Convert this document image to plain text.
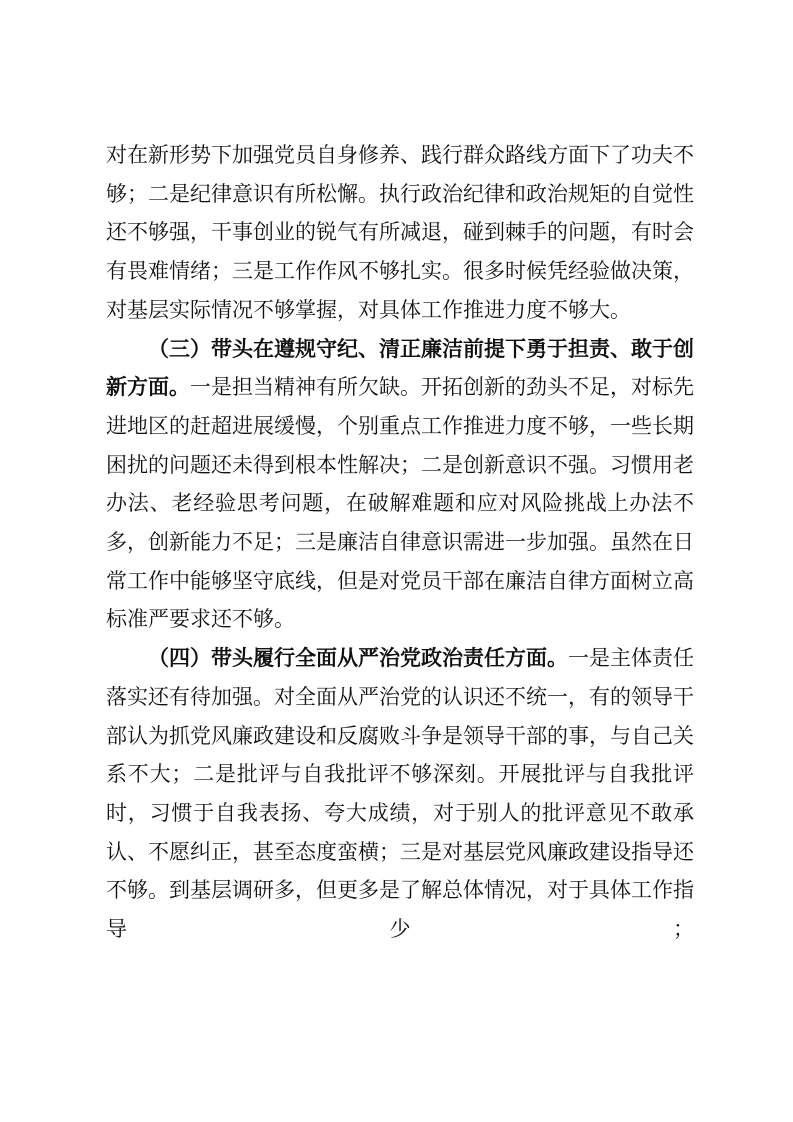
对在新形势下加强党员自身修养、践行群众路线方面下了功夫不够；二是纪律意识有所松懈。执行政治纪律和政治规矩的自觉性还不够强，干事创业的锐气有所减退，碰到棘手的问题，有时会有畏难情绪；三是工作作风不够扎实。很多时候凭经验做决策，对基层实际情况不够掌握，对具体工作推进力度不够大。

（三）带头在遵规守纪、清正廉洁前提下勇于担责、敢于创新方面。一是担当精神有所欠缺。开拓创新的劲头不足，对标先进地区的赶超进展缓慢，个别重点工作推进力度不够，一些长期困扰的问题还未得到根本性解决；二是创新意识不强。习惯用老办法、老经验思考问题，在破解难题和应对风险挑战上办法不多，创新能力不足；三是廉洁自律意识需进一步加强。虽然在日常工作中能够坚守底线，但是对党员干部在廉洁自律方面树立高标准严要求还不够。

（四）带头履行全面从严治党政治责任方面。一是主体责任落实还有待加强。对全面从严治党的认识还不统一，有的领导干部认为抓党风廉政建设和反腐败斗争是领导干部的事，与自己关系不大；二是批评与自我批评不够深刻。开展批评与自我批评时，习惯于自我表扬、夸大成绩，对于别人的批评意见不敢承认、不愿纠正，甚至态度蛮横；三是对基层党风廉政建设指导还不够。到基层调研多，但更多是了解总体情况，对于具体工作指导少；
